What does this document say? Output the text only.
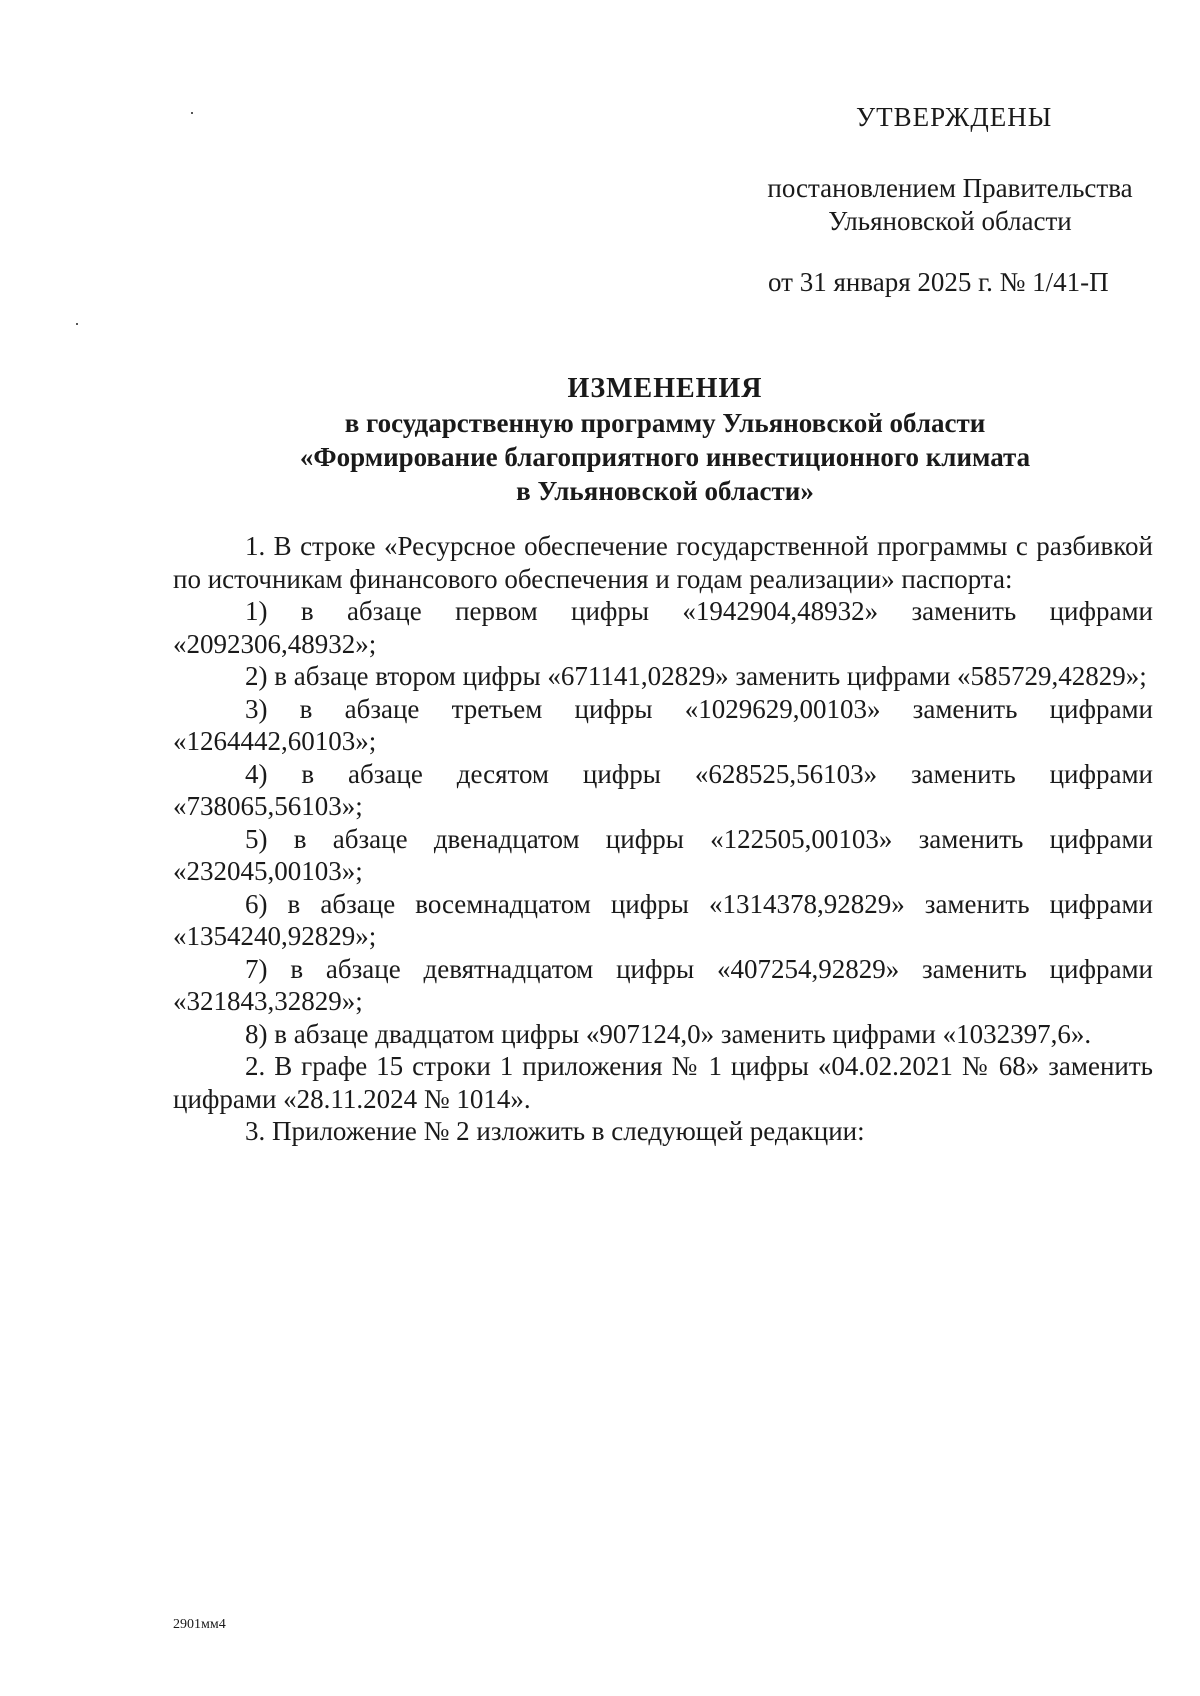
УТВЕРЖДЕНЫ
постановлением Правительства
Ульяновской области
от 31 января 2025 г. № 1/41-П
ИЗМЕНЕНИЯ
в государственную программу Ульяновской области
«Формирование благоприятного инвестиционного климата
в Ульяновской области»

1. В строке «Ресурсное обеспечение государственной программы с разбивкой по источникам финансового обеспечения и годам реализации» паспорта:

1) в абзаце первом цифры «1942904,48932» заменить цифрами «2092306,48932»;

2) в абзаце втором цифры «671141,02829» заменить цифрами «585729,42829»;

3) в абзаце третьем цифры «1029629,00103» заменить цифрами «1264442,60103»;

4) в абзаце десятом цифры «628525,56103» заменить цифрами «738065,56103»;

5) в абзаце двенадцатом цифры «122505,00103» заменить цифрами «232045,00103»;

6) в абзаце восемнадцатом цифры «1314378,92829» заменить цифрами «1354240,92829»;

7) в абзаце девятнадцатом цифры «407254,92829» заменить цифрами «321843,32829»;

8) в абзаце двадцатом цифры «907124,0» заменить цифрами «1032397,6».

2. В графе 15 строки 1 приложения № 1 цифры «04.02.2021 № 68» заменить цифрами «28.11.2024 № 1014».

3. Приложение № 2 изложить в следующей редакции:

2901мм4
